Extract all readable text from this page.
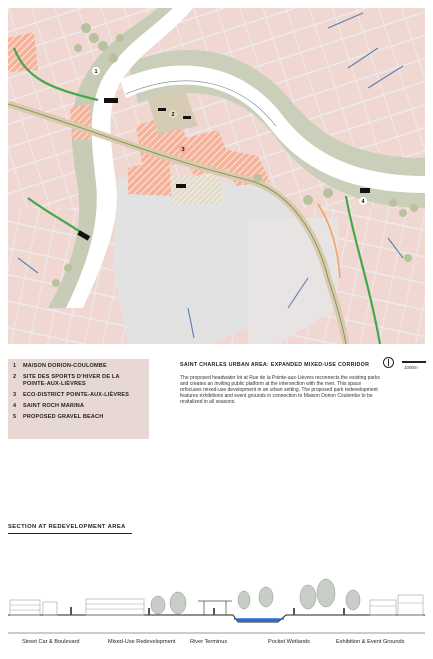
1
2
3
4
1	MAISON DORION-COULOMBE
2	SITE DES SPORTS D'HIVER DE LA POINTE-AUX-LIÈVRES
3	ECO-DISTRICT POINTE-AUX-LIÈVRES
4	SAINT ROCH MARINA
5	PROPOSED GRAVEL BEACH
SAINT CHARLES URBAN AREA: EXPANDED MIXED-USE CORRIDOR
The proposed headwater lot at Rue de la Pointe-aux-Lièvres reconnects the existing parks and creates an inviting public platform at the intersection with the river. This space refocuses mixed-use development in an urban setting. The proposed park redevelopment features exhibitions and event grounds in connection to Maison Dorion Coulombe to be revitalized in all seasons.
1000m
SECTION AT REDEVELOPMENT AREA
Street Car & Boulevard	Mixed-Use Redevelopment	River Terminus	Pocket Wetlands	Exhibition & Event Grounds
